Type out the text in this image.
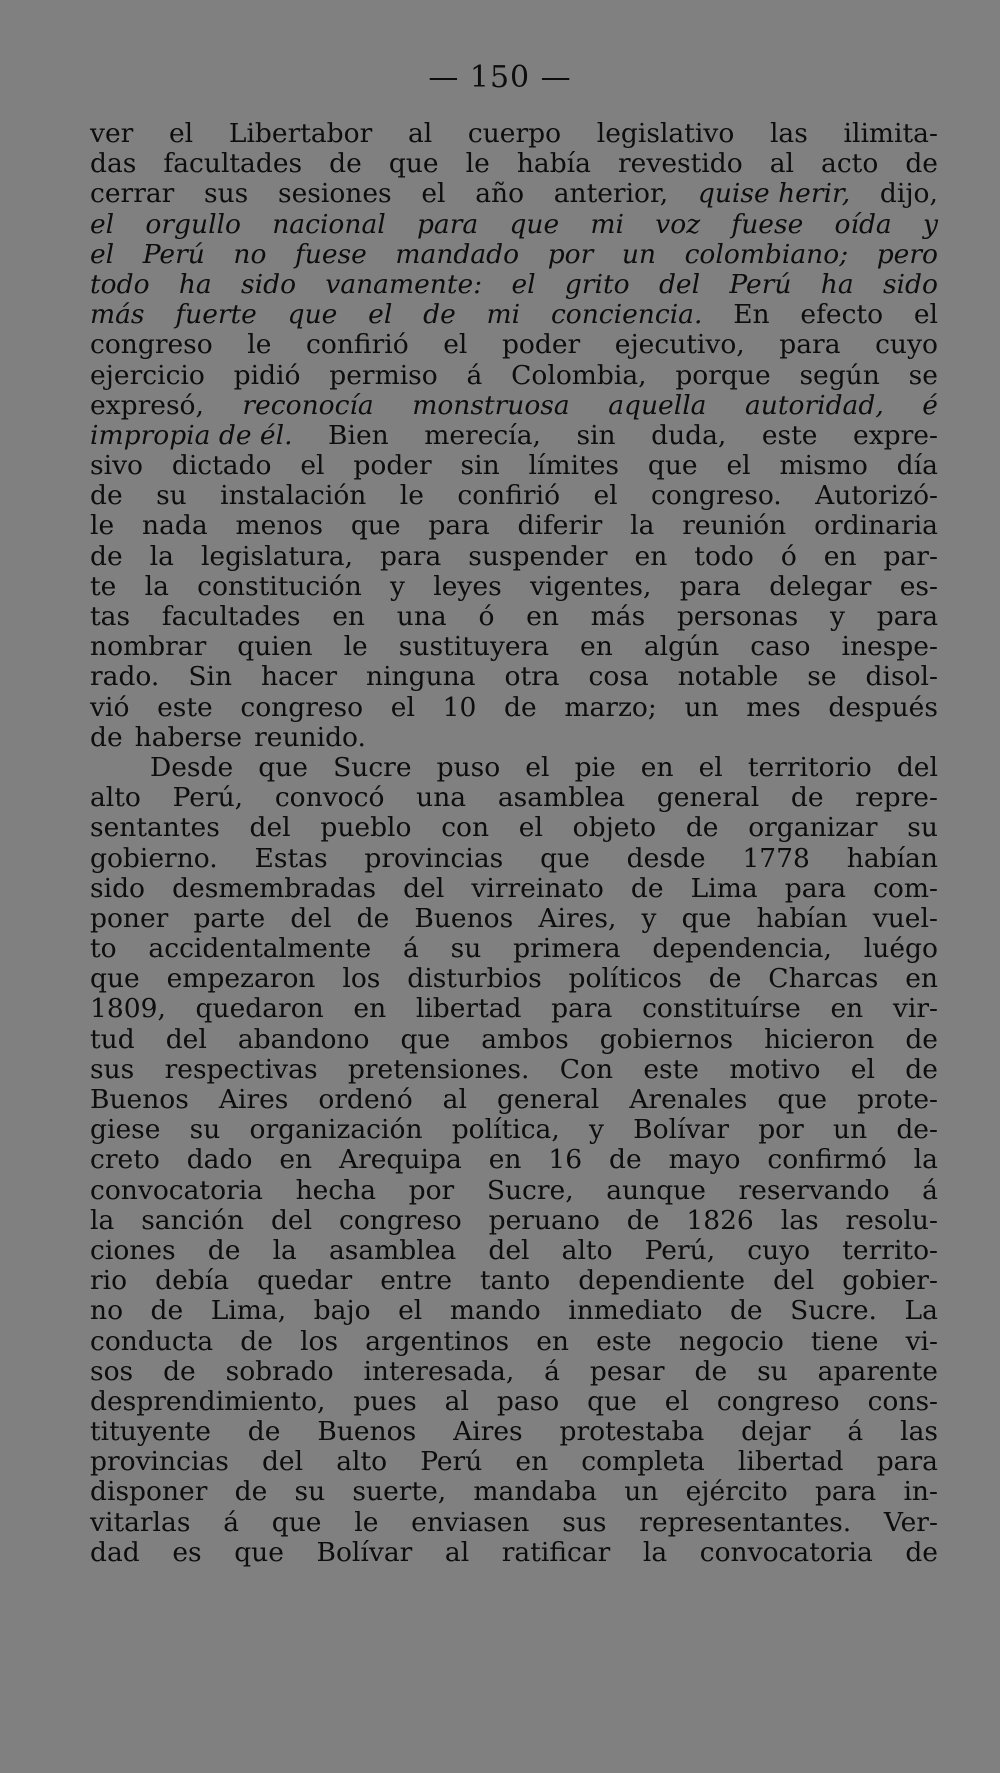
— 150 —
ver el Libertabor al cuerpo legislativo las ilimita-
das facultades de que le había revestido al acto de
cerrar sus sesiones el año anterior, quise herir, dijo,
el orgullo nacional para que mi voz fuese oída y
el Perú no fuese mandado por un colombiano; pero
todo ha sido vanamente: el grito del Perú ha sido
más fuerte que el de mi conciencia. En efecto el
congreso le confirió el poder ejecutivo, para cuyo
ejercicio pidió permiso á Colombia, porque según se
expresó, reconocía monstruosa aquella autoridad, é
impropia de él. Bien merecía, sin duda, este expre-
sivo dictado el poder sin límites que el mismo día
de su instalación le confirió el congreso. Autorizó-
le nada menos que para diferir la reunión ordinaria
de la legislatura, para suspender en todo ó en par-
te la constitución y leyes vigentes, para delegar es-
tas facultades en una ó en más personas y para
nombrar quien le sustituyera en algún caso inespe-
rado. Sin hacer ninguna otra cosa notable se disol-
vió este congreso el 10 de marzo; un mes después
de haberse reunido.
Desde que Sucre puso el pie en el territorio del
alto Perú, convocó una asamblea general de repre-
sentantes del pueblo con el objeto de organizar su
gobierno. Estas provincias que desde 1778 habían
sido desmembradas del virreinato de Lima para com-
poner parte del de Buenos Aires, y que habían vuel-
to accidentalmente á su primera dependencia, luégo
que empezaron los disturbios políticos de Charcas en
1809, quedaron en libertad para constituírse en vir-
tud del abandono que ambos gobiernos hicieron de
sus respectivas pretensiones. Con este motivo el de
Buenos Aires ordenó al general Arenales que prote-
giese su organización política, y Bolívar por un de-
creto dado en Arequipa en 16 de mayo confirmó la
convocatoria hecha por Sucre, aunque reservando á
la sanción del congreso peruano de 1826 las resolu-
ciones de la asamblea del alto Perú, cuyo territo-
rio debía quedar entre tanto dependiente del gobier-
no de Lima, bajo el mando inmediato de Sucre. La
conducta de los argentinos en este negocio tiene vi-
sos de sobrado interesada, á pesar de su aparente
desprendimiento, pues al paso que el congreso cons-
tituyente de Buenos Aires protestaba dejar á las
provincias del alto Perú en completa libertad para
disponer de su suerte, mandaba un ejército para in-
vitarlas á que le enviasen sus representantes. Ver-
dad es que Bolívar al ratificar la convocatoria de
